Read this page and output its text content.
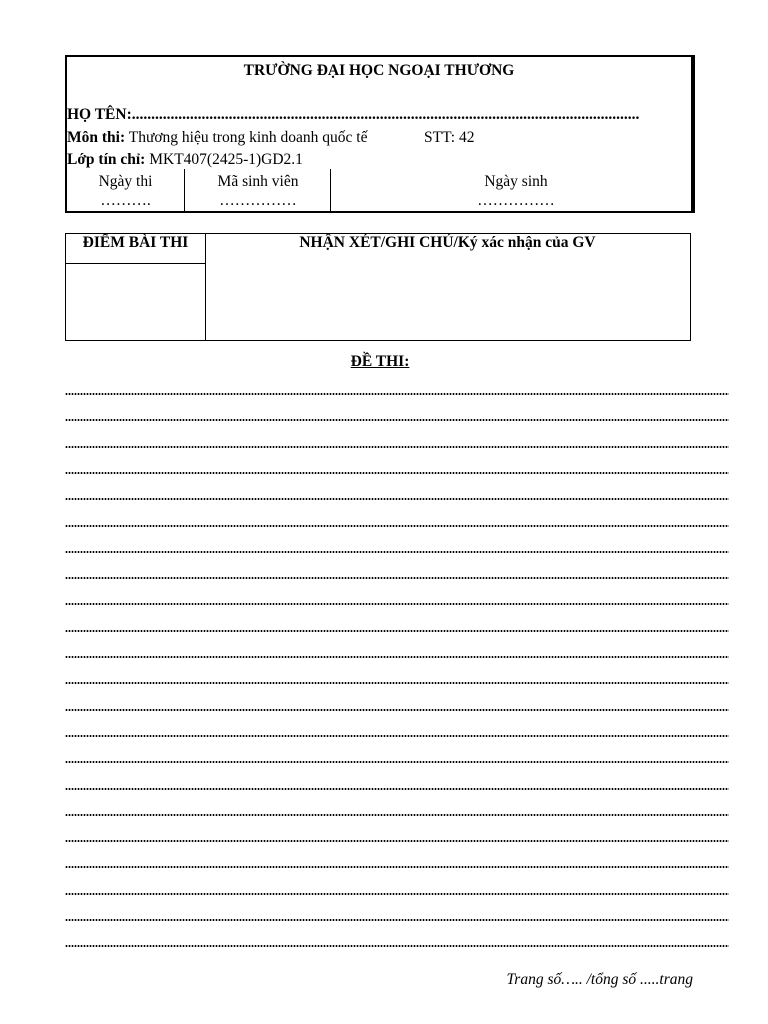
TRƯỜNG ĐẠI HỌC NGOẠI THƯƠNG
HỌ TÊN:...................................................................................................................................
Môn thi: Thương hiệu trong kinh doanh quốc tế	STT: 42
Lớp tín chỉ: MKT407(2425-1)GD2.1
Ngày thi
……….
Mã sinh viên
……………
Ngày sinh
……………
ĐIỂM BÀI THI	NHẬN XÉT/GHI CHÚ/Ký xác nhận của GV
ĐỀ THI:
Trang số….. /tổng số .....trang
